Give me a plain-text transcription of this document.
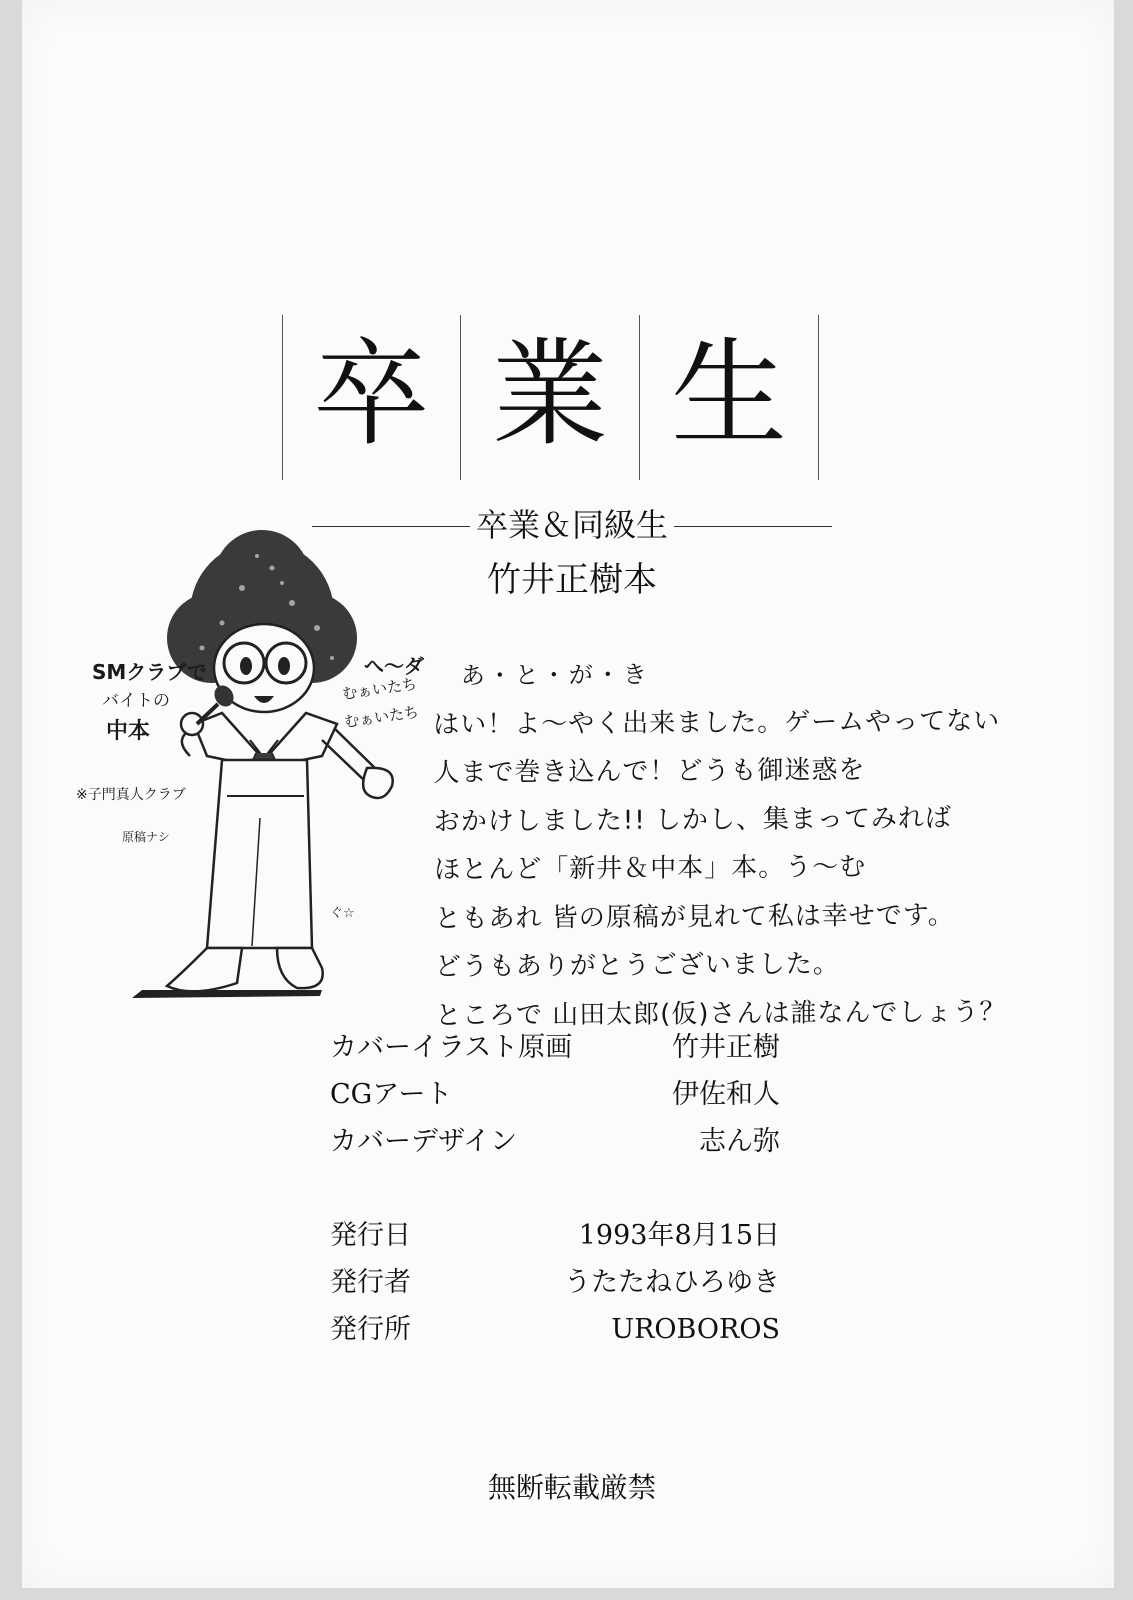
卒 業 生
卒業＆同級生
竹井正樹本
SMクラブで
バイトの
中本
へ～ダ
むぁいたち
むぁいたち
※子門真人クラブ
原稿ナシ
ぐ☆
あ・と・が・き
はい！よ～やく出来ました。ゲームやってない
人まで巻き込んで！どうも御迷惑を
おかけしました!! しかし、集まってみれば
ほとんど「新井＆中本」本。う～む
ともあれ 皆の原稿が見れて私は幸せです。
どうもありがとうございました。
ところで 山田太郎(仮)さんは誰なんでしょう？
カバーイラスト原画	竹井正樹
CGアート	伊佐和人
カバーデザイン	志ん弥
発行日	1993年8月15日
発行者	うたたねひろゆき
発行所	UROBOROS
無断転載厳禁
